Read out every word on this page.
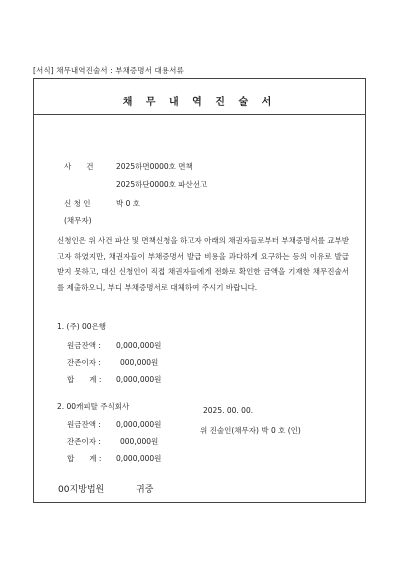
[서식] 채무내역진술서 : 부채증명서 대용서류
채 무 내 역 진 술 서
사　　건	2025하면0000호 면책
2025하단0000호 파산선고
신 청 인	박 0 호
(채무자)
신청인은 위 사건 파산 및 면책신청을 하고자 아래의 채권자들로부터 부채증명서를 교부받고자 하였지만, 채권자들이 부채증명서 발급 비용을 과다하게 요구하는 등의 이유로 발급받지 못하고, 대신 신청인이 직접 채권자들에게 전화로 확인한 금액을 기재한 채무진술서를 제출하오니, 부디 부채증명서로 대체하여 주시기 바랍니다.
1. (주) 00은행
원금잔액 : 0,000,000원
잔존이자 :	000,000원
합　　계 : 0,000,000원
2. 00캐피탈 주식회사
원금잔액 : 0,000,000원
잔존이자 :	000,000원
합　　계 : 0,000,000원
2025. 00. 00.
위 진술인(채무자) 박 0 호 (인)
00지방법원	귀중
